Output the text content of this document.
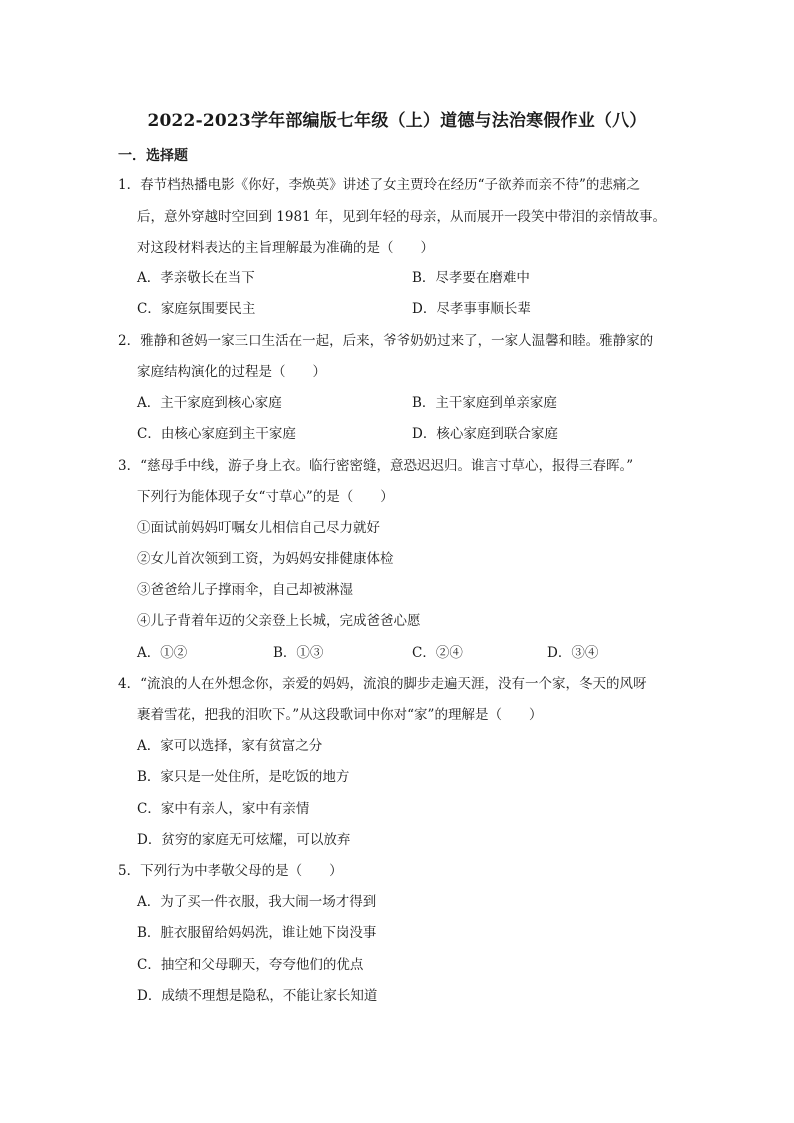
2022-2023学年部编版七年级（上）道德与法治寒假作业（八）
一．选择题
1．春节档热播电影《你好，李焕英》讲述了女主贾玲在经历“子欲养而亲不待”的悲痛之
后，意外穿越时空回到 1981 年，见到年轻的母亲，从而展开一段笑中带泪的亲情故事。
对这段材料表达的主旨理解最为准确的是（　　）
A．孝亲敬长在当下	B．尽孝要在磨难中
C．家庭氛围要民主	D．尽孝事事顺长辈
2．雅静和爸妈一家三口生活在一起，后来，爷爷奶奶过来了，一家人温馨和睦。雅静家的
家庭结构演化的过程是（　　）
A．主干家庭到核心家庭	B．主干家庭到单亲家庭
C．由核心家庭到主干家庭	D．核心家庭到联合家庭
3．“慈母手中线，游子身上衣。临行密密缝，意恐迟迟归。谁言寸草心，报得三春晖。”
下列行为能体现子女“寸草心”的是（　　）
①面试前妈妈叮嘱女儿相信自己尽力就好
②女儿首次领到工资，为妈妈安排健康体检
③爸爸给儿子撑雨伞，自己却被淋湿
④儿子背着年迈的父亲登上长城，完成爸爸心愿
A．①②	B．①③	C．②④	D．③④
4．“流浪的人在外想念你，亲爱的妈妈，流浪的脚步走遍天涯，没有一个家，冬天的风呀
裹着雪花，把我的泪吹下。”从这段歌词中你对“家”的理解是（　　）
A．家可以选择，家有贫富之分
B．家只是一处住所，是吃饭的地方
C．家中有亲人，家中有亲情
D．贫穷的家庭无可炫耀，可以放弃
5．下列行为中孝敬父母的是（　　）
A．为了买一件衣服，我大闹一场才得到
B．脏衣服留给妈妈洗，谁让她下岗没事
C．抽空和父母聊天，夸夸他们的优点
D．成绩不理想是隐私，不能让家长知道
